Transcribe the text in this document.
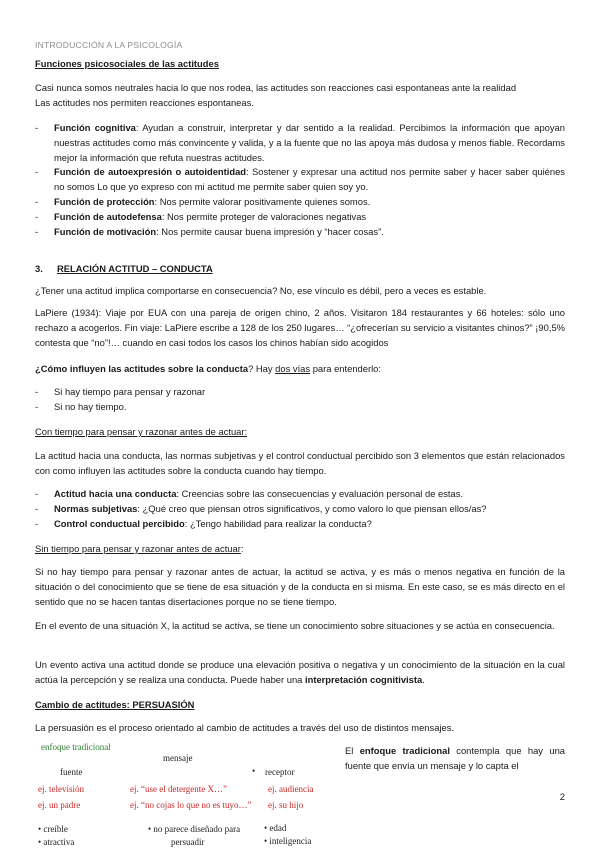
INTRODUCCIÓN A LA PSICOLOGÍA

Funciones psicosociales de las actitudes

Casi nunca somos neutrales hacia lo que nos rodea, las actitudes son reacciones casi espontaneas ante la realidad

Las actitudes nos permiten reacciones espontaneas.

- Función cognitiva: Ayudan a construir, interpretar y dar sentido a la realidad. Percibimos la información que apoyan nuestras actitudes como más convincente y valida, y a la fuente que no las apoya más dudosa y menos fiable. Recordams mejor la información que refuta nuestras actitudes.
- Función de autoexpresión o autoidentidad: Sostener y expresar una actitud nos permite saber y hacer saber quiénes no somos Lo que yo expreso con mi actitud me permite saber quien soy yo.
- Función de protección: Nos permite valorar positivamente quienes somos.
- Función de autodefensa: Nos permite proteger de valoraciones negativas
- Función de motivación: Nos permite causar buena impresión y “hacer cosas”.
3. RELACIÓN ACTITUD – CONDUCTA

¿Tener una actitud implica comportarse en consecuencia? No, ese vínculo es débil, pero a veces es estable.

LaPiere (1934): Viaje por EUA con una pareja de origen chino, 2 años. Visitaron 184 restaurantes y 66 hoteles: sólo uno rechazo a acogerlos. Fin viaje: LaPiere escribe a 128 de los 250 lugares… “¿ofrecerían su servicio a visitantes chinos?” ¡90,5% contesta que “no”!… cuando en casi todos los casos los chinos habían sido acogidos

¿Cómo influyen las actitudes sobre la conducta? Hay dos vías para entenderlo:

- Si hay tiempo para pensar y razonar
- Si no hay tiempo.

Con tiempo para pensar y razonar antes de actuar:

La actitud hacia una conducta, las normas subjetivas y el control conductual percibido son 3 elementos que están relacionados con como influyen las actitudes sobre la conducta cuando hay tiempo.

- Actitud hacia una conducta: Creencias sobre las consecuencias y evaluación personal de estas.
- Normas subjetivas: ¿Qué creo que piensan otros significativos, y como valoro lo que piensan ellos/as?
- Control conductual percibido: ¿Tengo habilidad para realizar la conducta?

Sin tiempo para pensar y razonar antes de actuar:

Si no hay tiempo para pensar y razonar antes de actuar, la actitud se activa, y es más o menos negativa en función de la situación o del conocimiento que se tiene de esa situación y de la conducta en si misma. En este caso, se es más directo en el sentido que no se hacen tantas disertaciones porque no se tiene tiempo.

En el evento de una situación X, la actitud se activa, se tiene un conocimiento sobre situaciones y se actúa en consecuencia.

Un evento activa una actitud donde se produce una elevación positiva o negativa y un conocimiento de la situación en la cual actúa la percepción y se realiza una conducta. Puede haber una interpretación cognitivista.

Cambio de actitudes: PERSUASIÓN

La persuasión es el proceso orientado al cambio de actitudes a través del uso de distintos mensajes.

enfoque tradicional
fuente
mensaje
• receptor
ej. televisión	ej. “use el detergente X…”	ej. audiencia
ej. un padre	ej. “no cojas lo que no es tuyo…” ej. su hijo
• creíble
• atractiva
• no parece diseñado para
persuadir
• edad
• inteligencia

El enfoque tradicional contempla que hay una fuente que envía un mensaje y lo capta el

2
